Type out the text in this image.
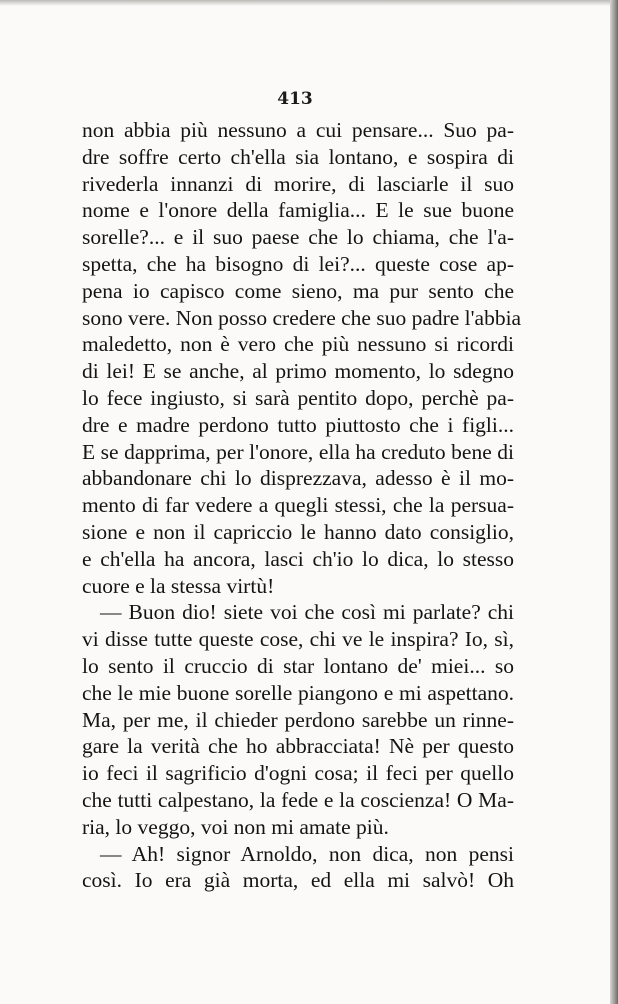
413
non abbia più nessuno a cui pensare... Suo pa-
dre soffre certo ch'ella sia lontano, e sospira di
rivederla innanzi di morire, di lasciarle il suo
nome e l'onore della famiglia... E le sue buone
sorelle?... e il suo paese che lo chiama, che l'a-
spetta, che ha bisogno di lei?... queste cose ap-
pena io capisco come sieno, ma pur sento che
sono vere. Non posso credere che suo padre l'abbia
maledetto, non è vero che più nessuno si ricordi
di lei! E se anche, al primo momento, lo sdegno
lo fece ingiusto, si sarà pentito dopo, perchè pa-
dre e madre perdono tutto piuttosto che i figli...
E se dapprima, per l'onore, ella ha creduto bene di
abbandonare chi lo disprezzava, adesso è il mo-
mento di far vedere a quegli stessi, che la persua-
sione e non il capriccio le hanno dato consiglio,
e ch'ella ha ancora, lasci ch'io lo dica, lo stesso
cuore e la stessa virtù!
— Buon dio! siete voi che così mi parlate? chi
vi disse tutte queste cose, chi ve le inspira? Io, sì,
lo sento il cruccio di star lontano de' miei... so
che le mie buone sorelle piangono e mi aspettano.
Ma, per me, il chieder perdono sarebbe un rinne-
gare la verità che ho abbracciata! Nè per questo
io feci il sagrificio d'ogni cosa; il feci per quello
che tutti calpestano, la fede e la coscienza! O Ma-
ria, lo veggo, voi non mi amate più.
— Ah! signor Arnoldo, non dica, non pensi
così. Io era già morta, ed ella mi salvò! Oh
